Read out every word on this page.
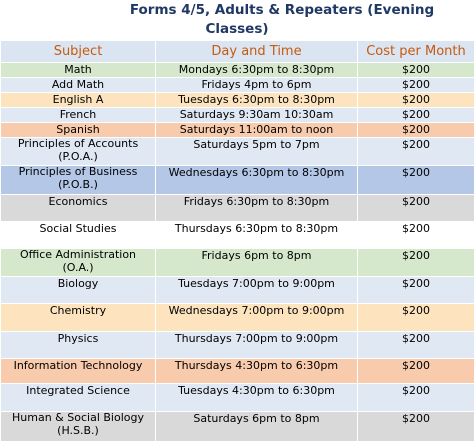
Forms 4/5, Adults & Repeaters (Evening
Classes)
Subject	Day and Time	Cost per Month

Math	Mondays 6:30pm to 8:30pm	$200

Add Math	Fridays 4pm to 6pm	$200

English A	Tuesdays 6:30pm to 8:30pm	$200

French	Saturdays 9:30am 10:30am	$200

Spanish	Saturdays 11:00am to noon	$200

Principles of Accounts
(P.O.A.)	Saturdays 5pm to 7pm	$200

Principles of Business
(P.O.B.)	Wednesdays 6:30pm to 8:30pm	$200

Economics	Fridays 6:30pm to 8:30pm	$200

Social Studies	Thursdays 6:30pm to 8:30pm	$200

Office Administration
(O.A.)	Fridays 6pm to 8pm	$200

Biology	Tuesdays 7:00pm to 9:00pm	$200

Chemistry	Wednesdays 7:00pm to 9:00pm	$200

Physics	Thursdays 7:00pm to 9:00pm	$200

Information Technology	Thursdays 4:30pm to 6:30pm	$200

Integrated Science	Tuesdays 4:30pm to 6:30pm	$200

Human & Social Biology
(H.S.B.)	Saturdays 6pm to 8pm	$200
